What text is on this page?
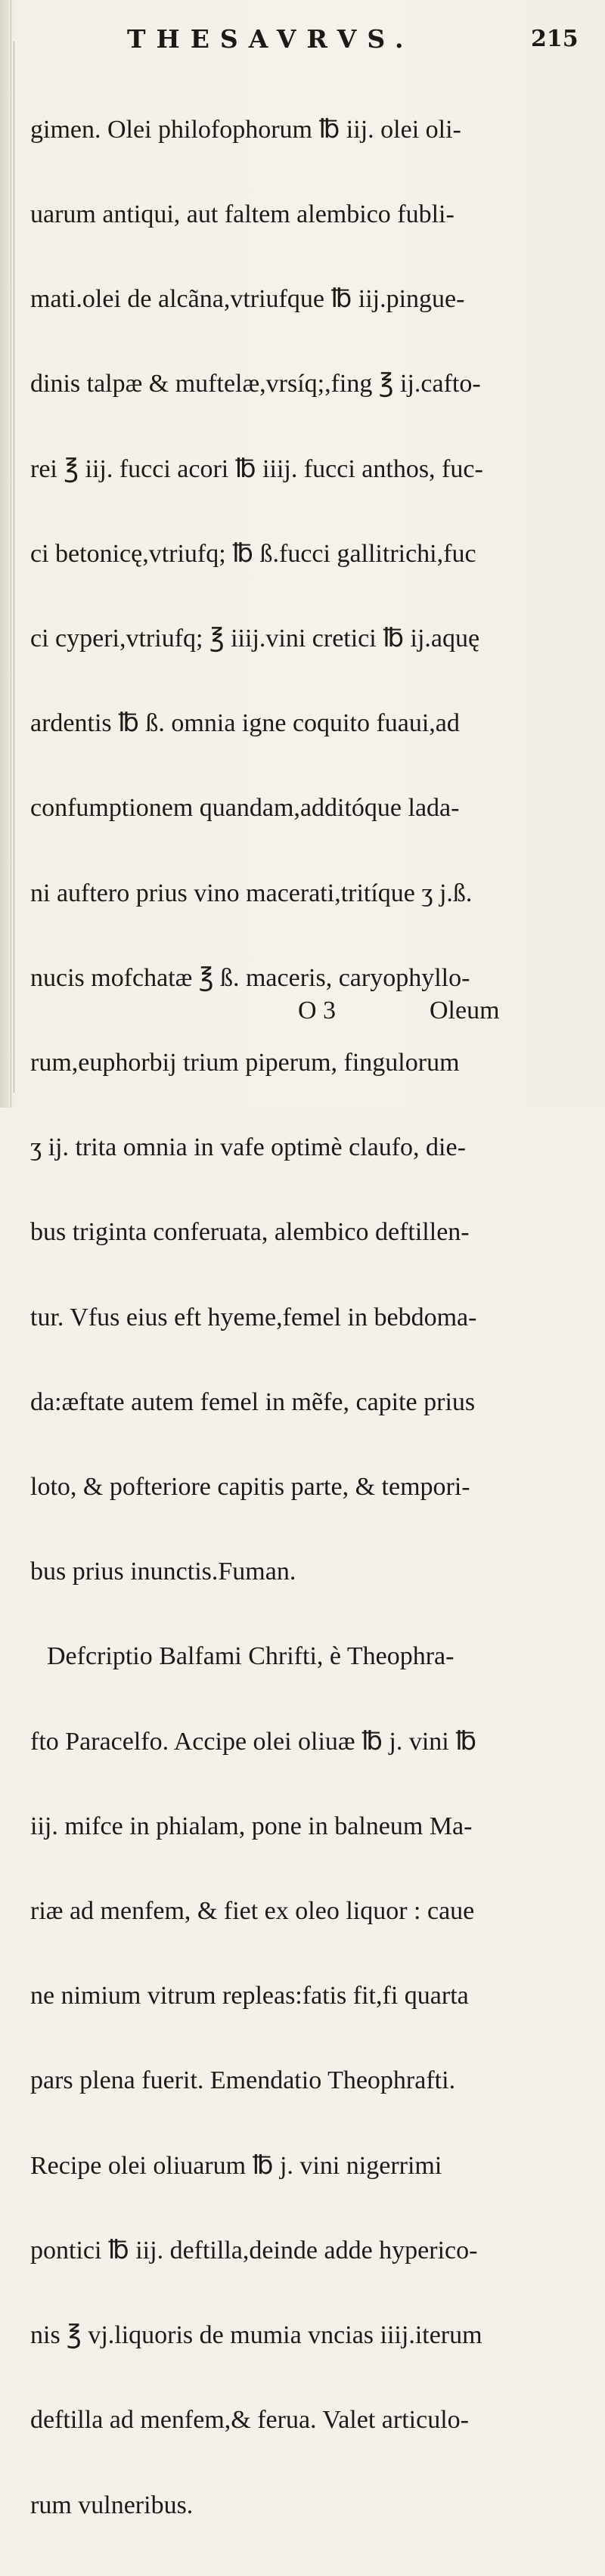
THESAVRVS.	215

gimen. Olei philofophorum ℔ iij. olei oli-

uarum antiqui, aut faltem alembico fubli-

mati.olei de alcãna,vtriufque ℔ iij.pingue-

dinis talpæ & muftelæ,vrsíq;,fing ℥ ij.cafto-

rei ℥ iij. fucci acori ℔ iiij. fucci anthos, fuc-

ci betonicę,vtriufq; ℔ ß.fucci gallitrichi,fuc

ci cyperi,vtriufq; ℥ iiij.vini cretici ℔ ij.aquę

ardentis ℔ ß. omnia igne coquito fuaui,ad

confumptionem quandam,additóque lada-

ni auftero prius vino macerati,tritíque ʒ j.ß.

nucis mofchatæ ℥ ß. maceris, caryophyllo-

rum,euphorbij trium piperum, fingulorum

ʒ ij. trita omnia in vafe optimè claufo, die-

bus triginta conferuata, alembico deftillen-

tur. Vfus eius eft hyeme,femel in bebdoma-

da:æftate autem femel in mẽfe, capite prius

loto, & pofteriore capitis parte, & tempori-

bus prius inunctis.Fuman.

Defcriptio Balfami Chrifti, è Theophra-

fto Paracelfo. Accipe olei oliuæ ℔ j. vini ℔

iij. mifce in phialam, pone in balneum Ma-

riæ ad menfem, & fiet ex oleo liquor : caue

ne nimium vitrum repleas:fatis fit,fi quarta

pars plena fuerit. Emendatio Theophrafti.

Recipe olei oliuarum ℔ j. vini nigerrimi

pontici ℔ iij. deftilla,deinde adde hyperico-

nis ℥ vj.liquoris de mumia vncias iiij.iterum

deftilla ad menfem,& ferua. Valet articulo-

rum vulneribus.

O 3	Oleum
